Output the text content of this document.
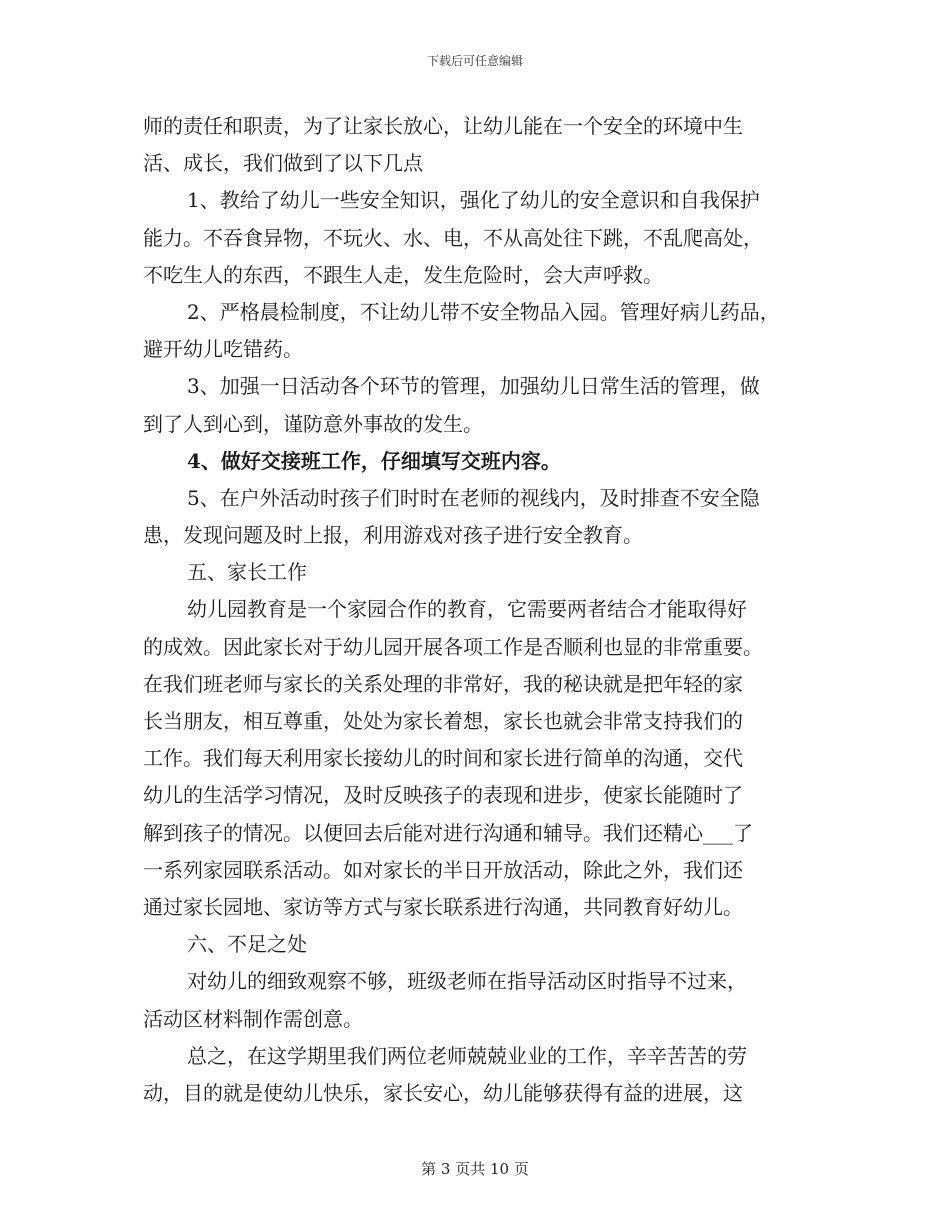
下载后可任意编辑
师的责任和职责，为了让家长放心，让幼儿能在一个安全的环境中生
活、成长，我们做到了以下几点
1、教给了幼儿一些安全知识，强化了幼儿的安全意识和自我保护
能力。不吞食异物，不玩火、水、电，不从高处往下跳，不乱爬高处，
不吃生人的东西，不跟生人走，发生危险时，会大声呼救。
2、严格晨检制度，不让幼儿带不安全物品入园。管理好病儿药品，
避开幼儿吃错药。
3、加强一日活动各个环节的管理，加强幼儿日常生活的管理，做
到了人到心到，谨防意外事故的发生。
4、做好交接班工作，仔细填写交班内容。
5、在户外活动时孩子们时时在老师的视线内，及时排查不安全隐
患，发现问题及时上报，利用游戏对孩子进行安全教育。
五、家长工作
幼儿园教育是一个家园合作的教育，它需要两者结合才能取得好
的成效。因此家长对于幼儿园开展各项工作是否顺利也显的非常重要。
在我们班老师与家长的关系处理的非常好，我的秘诀就是把年轻的家
长当朋友，相互尊重，处处为家长着想，家长也就会非常支持我们的
工作。我们每天利用家长接幼儿的时间和家长进行简单的沟通，交代
幼儿的生活学习情况，及时反映孩子的表现和进步，使家长能随时了
解到孩子的情况。以便回去后能对进行沟通和辅导。我们还精心___了
一系列家园联系活动。如对家长的半日开放活动，除此之外，我们还
通过家长园地、家访等方式与家长联系进行沟通，共同教育好幼儿。
六、不足之处
对幼儿的细致观察不够，班级老师在指导活动区时指导不过来，
活动区材料制作需创意。
总之，在这学期里我们两位老师兢兢业业的工作，辛辛苦苦的劳
动，目的就是使幼儿快乐，家长安心，幼儿能够获得有益的进展，这
第 3 页共 10 页
